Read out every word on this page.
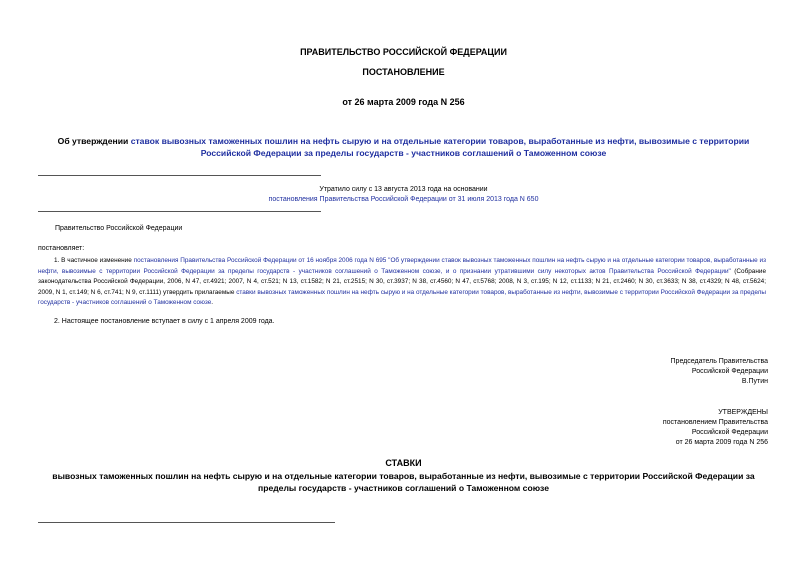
ПРАВИТЕЛЬСТВО РОССИЙСКОЙ ФЕДЕРАЦИИ
ПОСТАНОВЛЕНИЕ
от 26 марта 2009 года N 256
Об утверждении ставок вывозных таможенных пошлин на нефть сырую и на отдельные категории товаров, выработанные из нефти, вывозимые с территории
Российской Федерации за пределы государств - участников соглашений о Таможенном союзе

Утратило силу с 13 августа 2013 года на основании

постановления Правительства Российской Федерации от 31 июля 2013 года N 650

Правительство Российской Федерации
постановляет:
1. В частичное изменение постановления Правительства Российской Федерации от 16 ноября 2006 года N 695 "Об утверждении ставок вывозных таможенных пошлин на нефть сырую и на отдельные категории товаров, выработанные из нефти, вывозимые с территории Российской Федерации за пределы государств - участников соглашений о Таможенном союзе, и о признании утратившими силу некоторых актов Правительства Российской Федерации" (Собрание законодательства Российской Федерации, 2006, N 47, ст.4921; 2007, N 4, ст.521; N 13, ст.1582; N 21, ст.2515; N 30, ст.3937; N 38, ст.4560; N 47, ст.5768; 2008, N 3, ст.195; N 12, ст.1133; N 21, ст.2460; N 30, ст.3633; N 38, ст.4329; N 48, ст.5624; 2009, N 1, ст.149; N 6, ст.741; N 9, ст.1111) утвердить прилагаемые ставки вывозных таможенных пошлин на нефть сырую и на отдельные категории товаров, выработанные из нефти, вывозимые с территории Российской Федерации за пределы государств - участников соглашений о Таможенном союзе.
2. Настоящее постановление вступает в силу с 1 апреля 2009 года.

Председатель Правительства

Российской Федерации

В.Путин

УТВЕРЖДЕНЫ

постановлением Правительства

Российской Федерации

от 26 марта 2009 года N 256

СТАВКИ

вывозных таможенных пошлин на нефть сырую и на отдельные категории товаров, выработанные из нефти, вывозимые с территории Российской Федерации за

пределы государств - участников соглашений о Таможенном союзе
